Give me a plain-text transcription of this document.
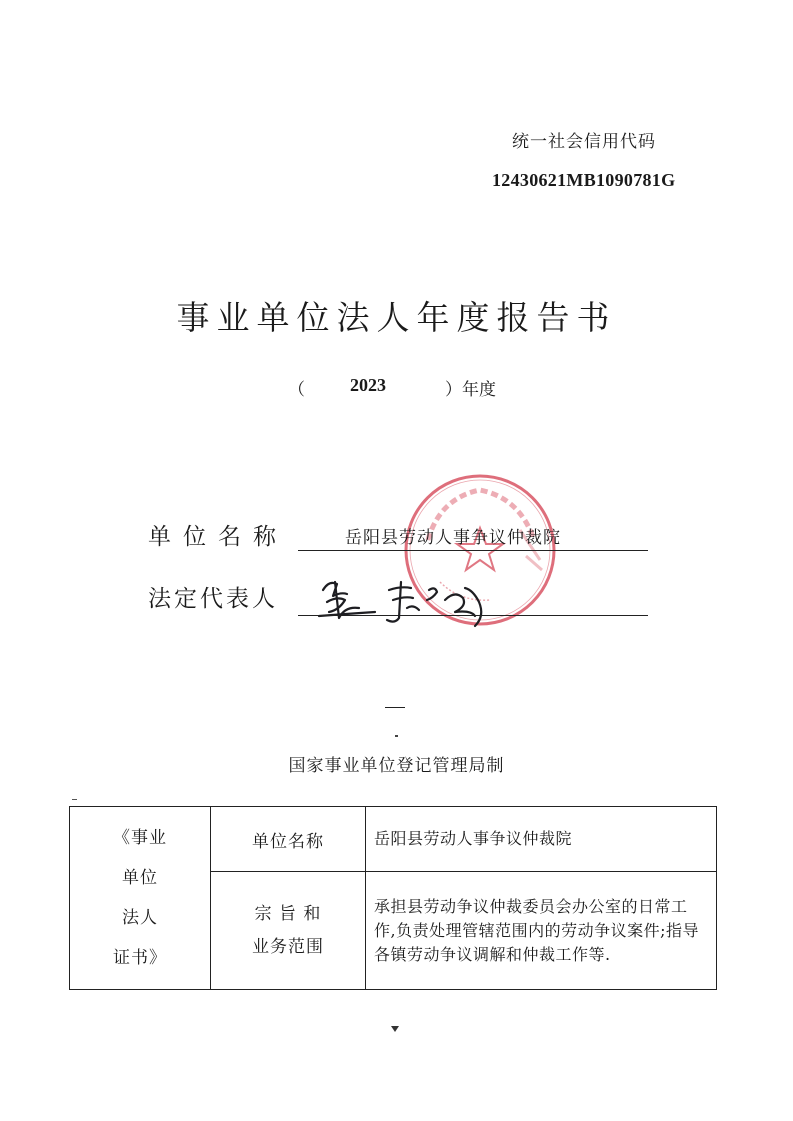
统一社会信用代码
12430621MB1090781G
事业单位法人年度报告书
（	2023	）年度
单位名称	岳阳县劳动人事争议仲裁院
法定代表人
国家事业单位登记管理局制
《事业
单位
法人
证书》	单位名称	岳阳县劳动人事争议仲裁院

	宗 旨 和
业务范围	承担县劳动争议仲裁委员会办公室的日常工作,负责处理管辖范围内的劳动争议案件;指导各镇劳动争议调解和仲裁工作等.
